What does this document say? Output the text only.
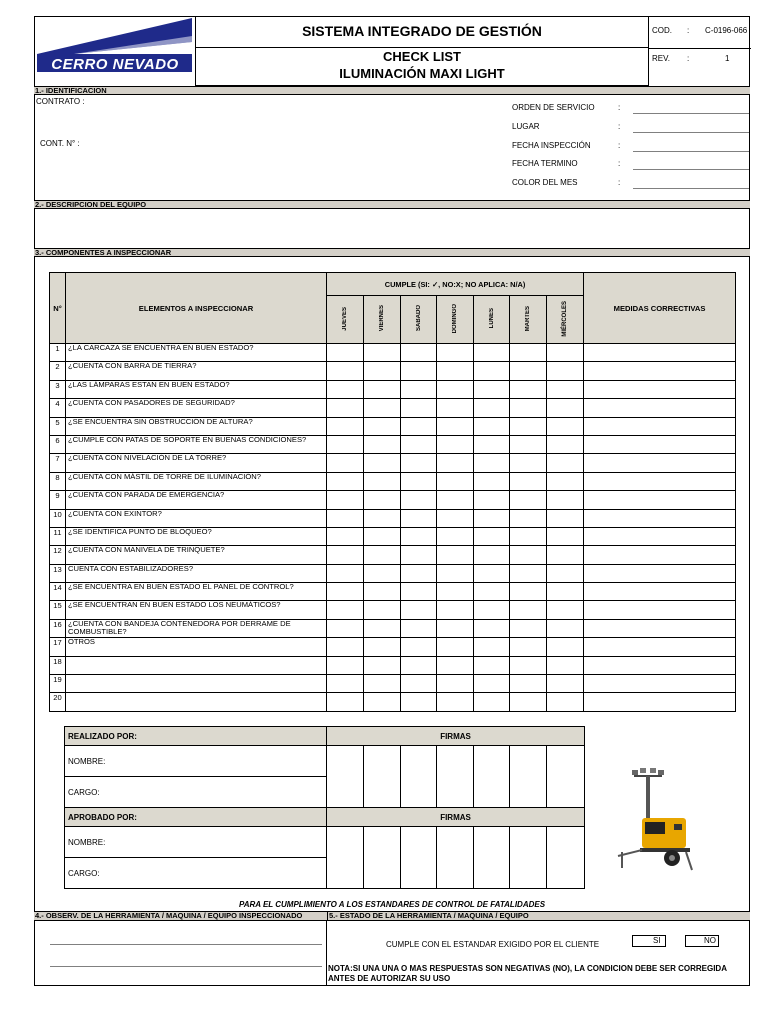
CERRO NEVADO
SISTEMA INTEGRADO DE GESTIÓN
CHECK LIST
ILUMINACIÓN MAXI LIGHT
COD. : C-0196-066
REV. :	1
1.- IDENTIFICACION
CONTRATO :
CONT. N° :
ORDEN DE SERVICIO	:
LUGAR	:
FECHA INSPECCIÓN	:
FECHA TERMINO	:
COLOR DEL MES	:
2.- DESCRIPCION DEL EQUIPO
3.- COMPONENTES A INSPECCIONAR
N°	ELEMENTOS A INSPECCIONAR	CUMPLE (SI: ✓, NO:X; NO APLICA: N/A)							MEDIDAS CORRECTIVAS
		JUEVES	VIERNES	SABADO	DOMINGO	LUNES	MARTES	MIÉRCOLES	
1	¿LA CARCAZA SE ENCUENTRA EN BUEN ESTADO?								
2	¿CUENTA CON BARRA DE TIERRA?								
3	¿LAS LÁMPARAS ESTAN EN BUEN ESTADO?								
4	¿CUENTA CON PASADORES DE SEGURIDAD?								
5	¿SE ENCUENTRA SIN OBSTRUCCIÓN DE ALTURA?								
6	¿CUMPLE CON PATAS DE SOPORTE EN BUENAS CONDICIONES?								
7	¿CUENTA CON NIVELACIÓN DE LA TORRE?								
8	¿CUENTA CON MÁSTIL DE TORRE DE ILUMINACIÓN?								
9	¿CUENTA CON PARADA DE EMERGENCIA?								
10	¿CUENTA CON EXINTOR?								
11	¿SE IDENTIFICA PUNTO DE BLOQUEO?								
12	¿CUENTA CON MANIVELA DE TRINQUETE?								
13	CUENTA CON ESTABILIZADORES?								
14	¿SE ENCUENTRA EN BUEN ESTADO EL PANEL DE CONTROL?								
15	¿SE ENCUENTRAN EN BUEN ESTADO LOS NEUMÁTICOS?								
16	¿CUENTA CON BANDEJA CONTENEDORA POR DERRAME DE COMBUSTIBLE?								
17	OTROS								
18									
19									
20									
REALIZADO POR:	FIRMAS						
NOMBRE:							
CARGO:							
APROBADO POR:	FIRMAS						
NOMBRE:							
CARGO:							
PARA EL CUMPLIMIENTO A LOS ESTANDARES DE CONTROL DE FATALIDADES
4.- OBSERV. DE LA HERRAMIENTA / MAQUINA / EQUIPO INSPECCIONADO	5.- ESTADO DE LA HERRAMIENTA / MAQUINA / EQUIPO
CUMPLE CON EL ESTANDAR EXIGIDO POR EL CLIENTE	SI	NO
NOTA:SI UNA UNA O MAS RESPUESTAS SON NEGATIVAS (NO), LA CONDICION DEBE SER CORREGIDA ANTES DE AUTORIZAR SU USO
